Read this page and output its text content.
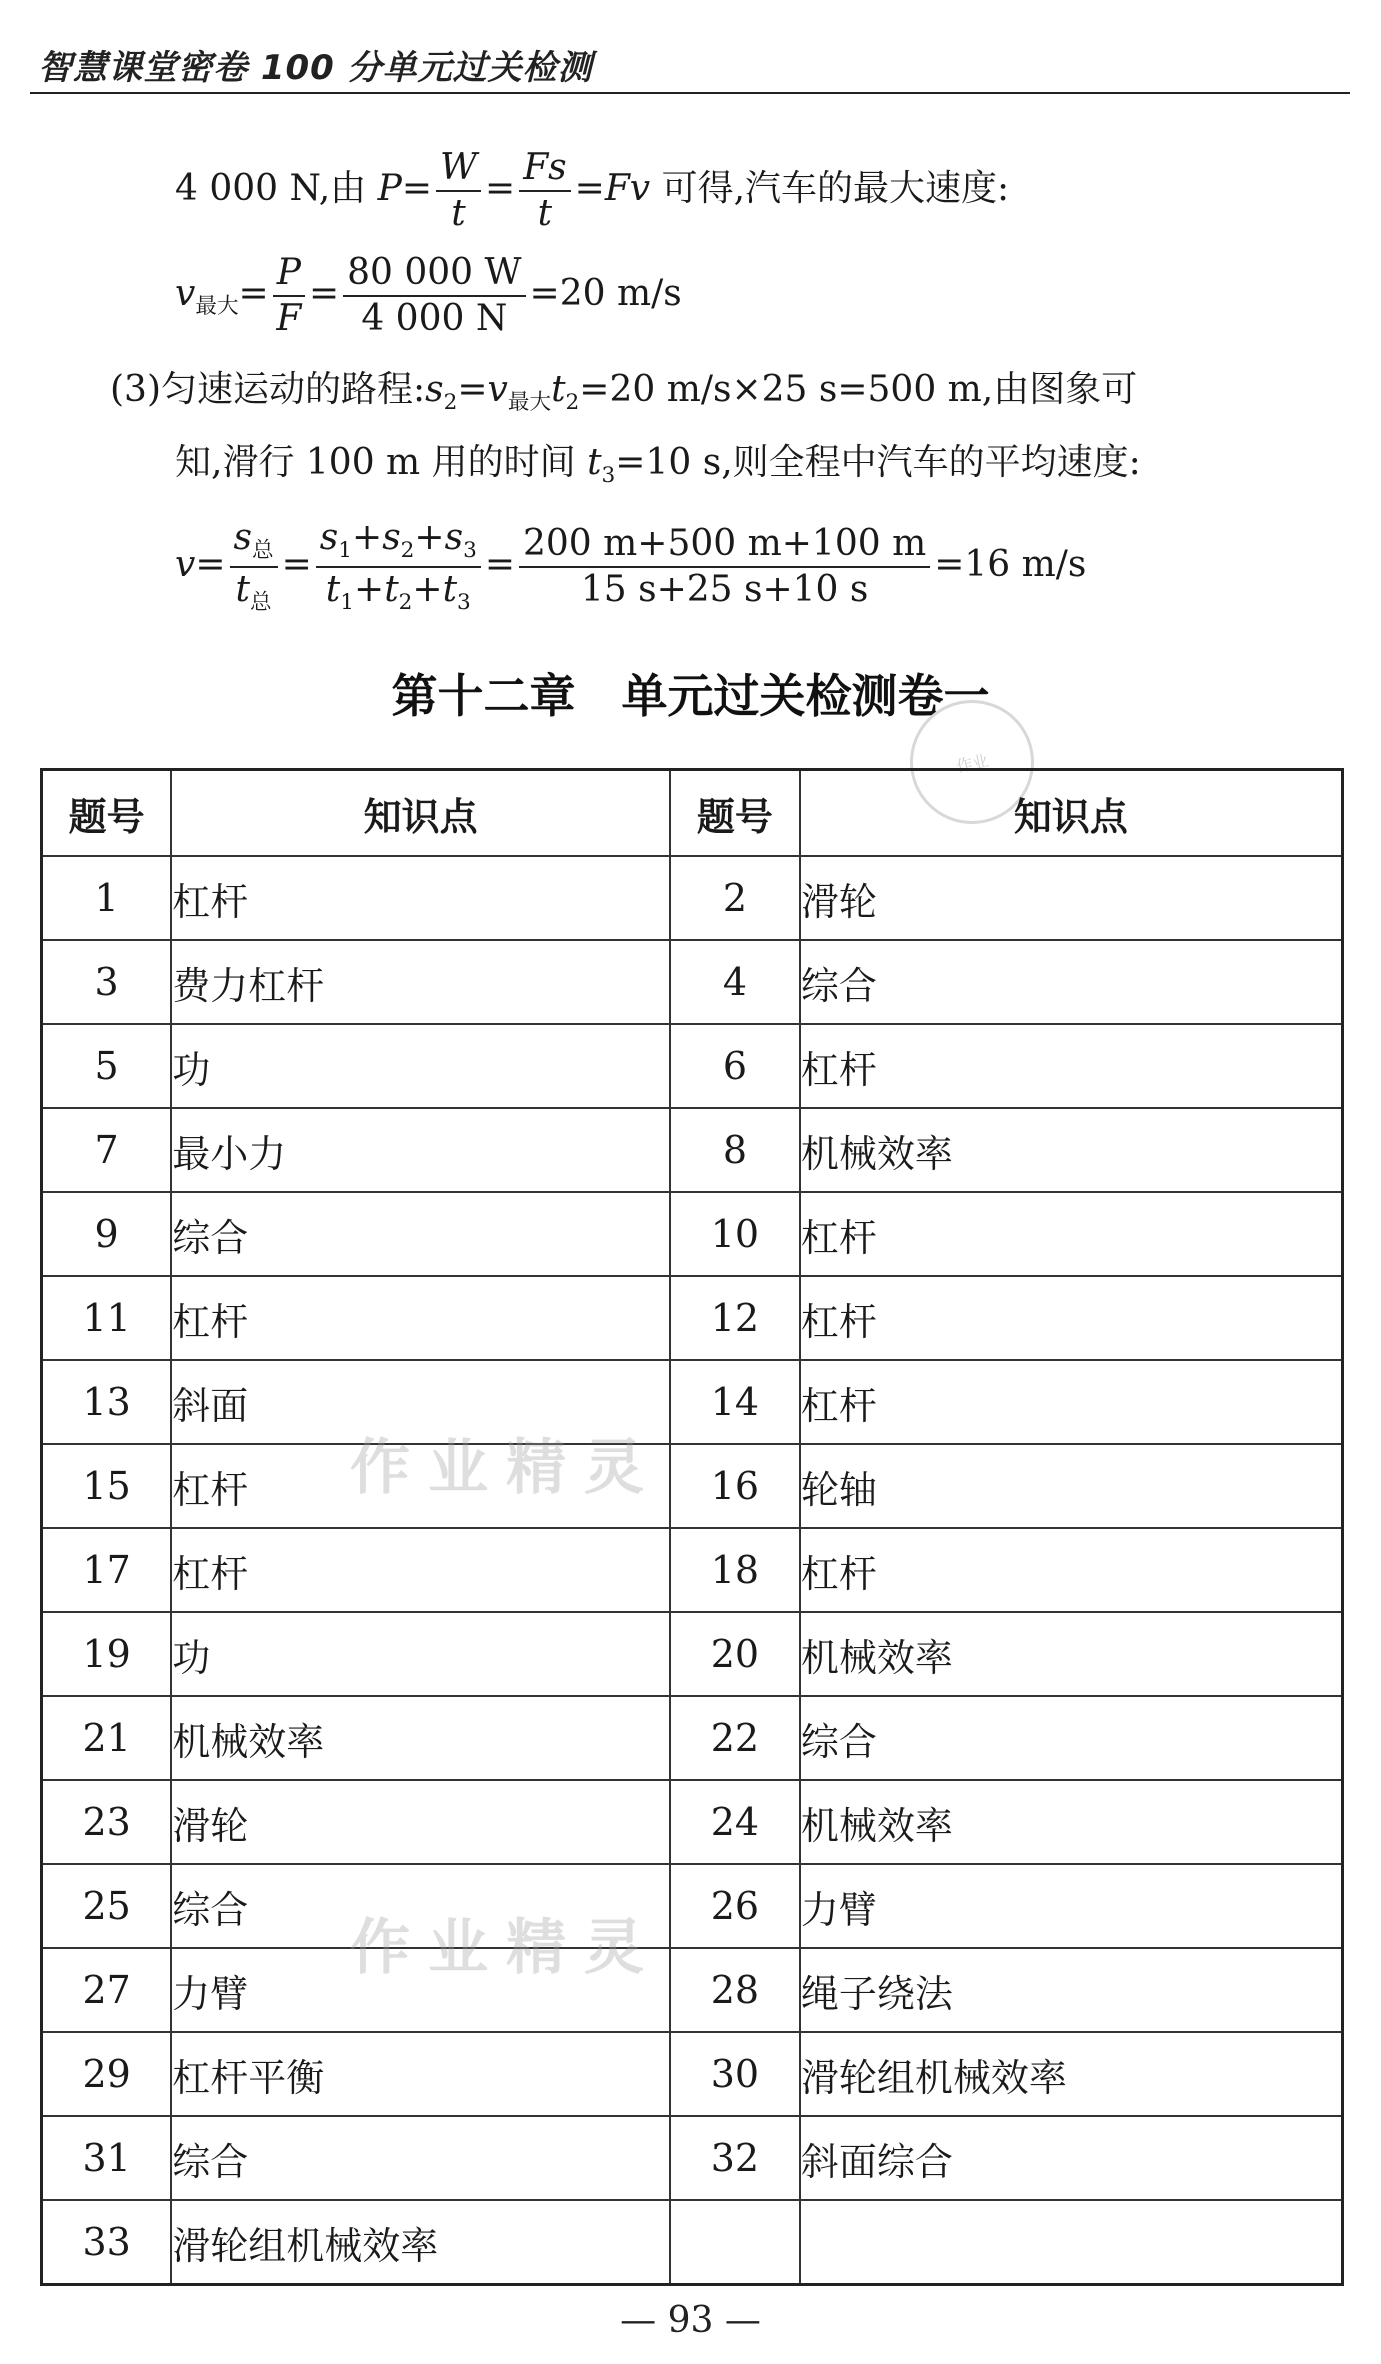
智慧课堂密卷 100 分单元过关检测
4 000 N,由 $P= \frac{W}{t} = \frac{Fs}{t} =Fv$ 可得,汽车的最大速度:
$v_{最大}= \frac{P}{F} = \frac{80 000 W}{4 000 N} =20$ m/s
(3)匀速运动的路程$:s_2=v_{最大}t_2=20$ m/s×25 s=500 m,由图象可
知,滑行 100 m 用的时间 $t_3=10$ s,则全程中汽车的平均速度:
$v= \frac{s_总}{t_总} = \frac{s_1+s_2+s_3}{t_1+t_2+t_3} = \frac{200 m+500 m+100 m}{15 s+25 s+10 s} =16$ m/s
第十二章　单元过关检测卷一
作业
题号	知识点	题号	知识点
1	杠杆	2	滑轮
3	费力杠杆	4	综合
5	功	6	杠杆
7	最小力	8	机械效率
9	综合	10	杠杆
11	杠杆	12	杠杆
13	斜面	14	杠杆
15	杠杆	16	轮轴
17	杠杆	18	杠杆
19	功	20	机械效率
21	机械效率	22	综合
23	滑轮	24	机械效率
25	综合	26	力臂
27	力臂	28	绳子绕法
29	杠杆平衡	30	滑轮组机械效率
31	综合	32	斜面综合
33	滑轮组机械效率		
作业精灵
作业精灵
— 93 —
